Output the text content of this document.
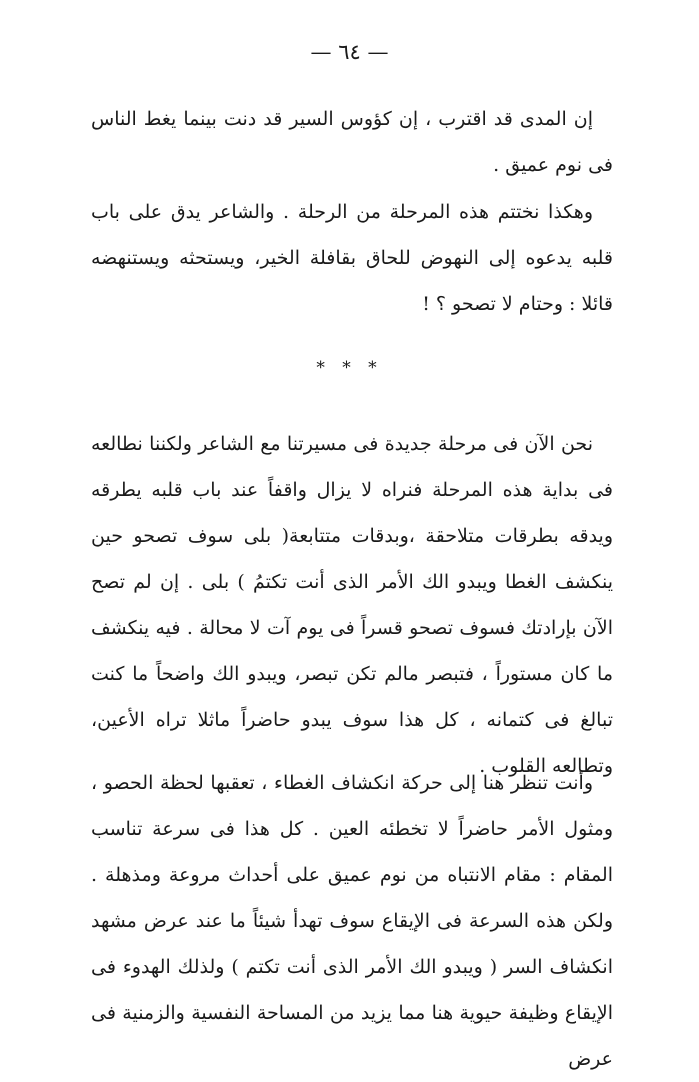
— ٦٤ —

إن المدى قد اقترب ، إن كؤوس السير قد دنت بينما يغط الناس فى نوم عميق .

وهكذا نختتم هذه المرحلة من الرحلة . والشاعر يدق على باب قلبه يدعوه إلى النهوض للحاق بقافلة الخير، ويستحثه ويستنهضه قائلا : وحتام لا تصحو ؟ !

* * *

نحن الآن فى مرحلة جديدة فى مسيرتنا مع الشاعر ولكننا نطالعه فى بداية هذه المرحلة فنراه لا يزال واقفاً عند باب قلبه يطرقه ويدقه بطرقات متلاحقة ،وبدقات متتابعة( بلى سوف تصحو حين ينكشف الغطا ويبدو الك الأمر الذى أنت تكتمُ ) بلى . إن لم تصح الآن بإرادتك فسوف تصحو قسراً فى يوم آت لا محالة . فيه ينكشف ما كان مستوراً ، فتبصر مالم تكن تبصر، ويبدو الك واضحاً ما كنت تبالغ فى كتمانه ، كل هذا سوف يبدو حاضراً ماثلا تراه الأعين، وتطالعه القلوب .

وأنت تنظر هنا إلى حركة انكشاف الغطاء ، تعقبها لحظة الحصو ، ومثول الأمر حاضراً لا تخطئه العين . كل هذا فى سرعة تناسب المقام : مقام الانتباه من نوم عميق على أحداث مروعة ومذهلة . ولكن هذه السرعة فى الإيقاع سوف تهدأ شيئاً ما عند عرض مشهد انكشاف السر ( ويبدو الك الأمر الذى أنت تكتم ) ولذلك الهدوء فى الإيقاع وظيفة حيوية هنا مما يزيد من المساحة النفسية والزمنية فى عرض
